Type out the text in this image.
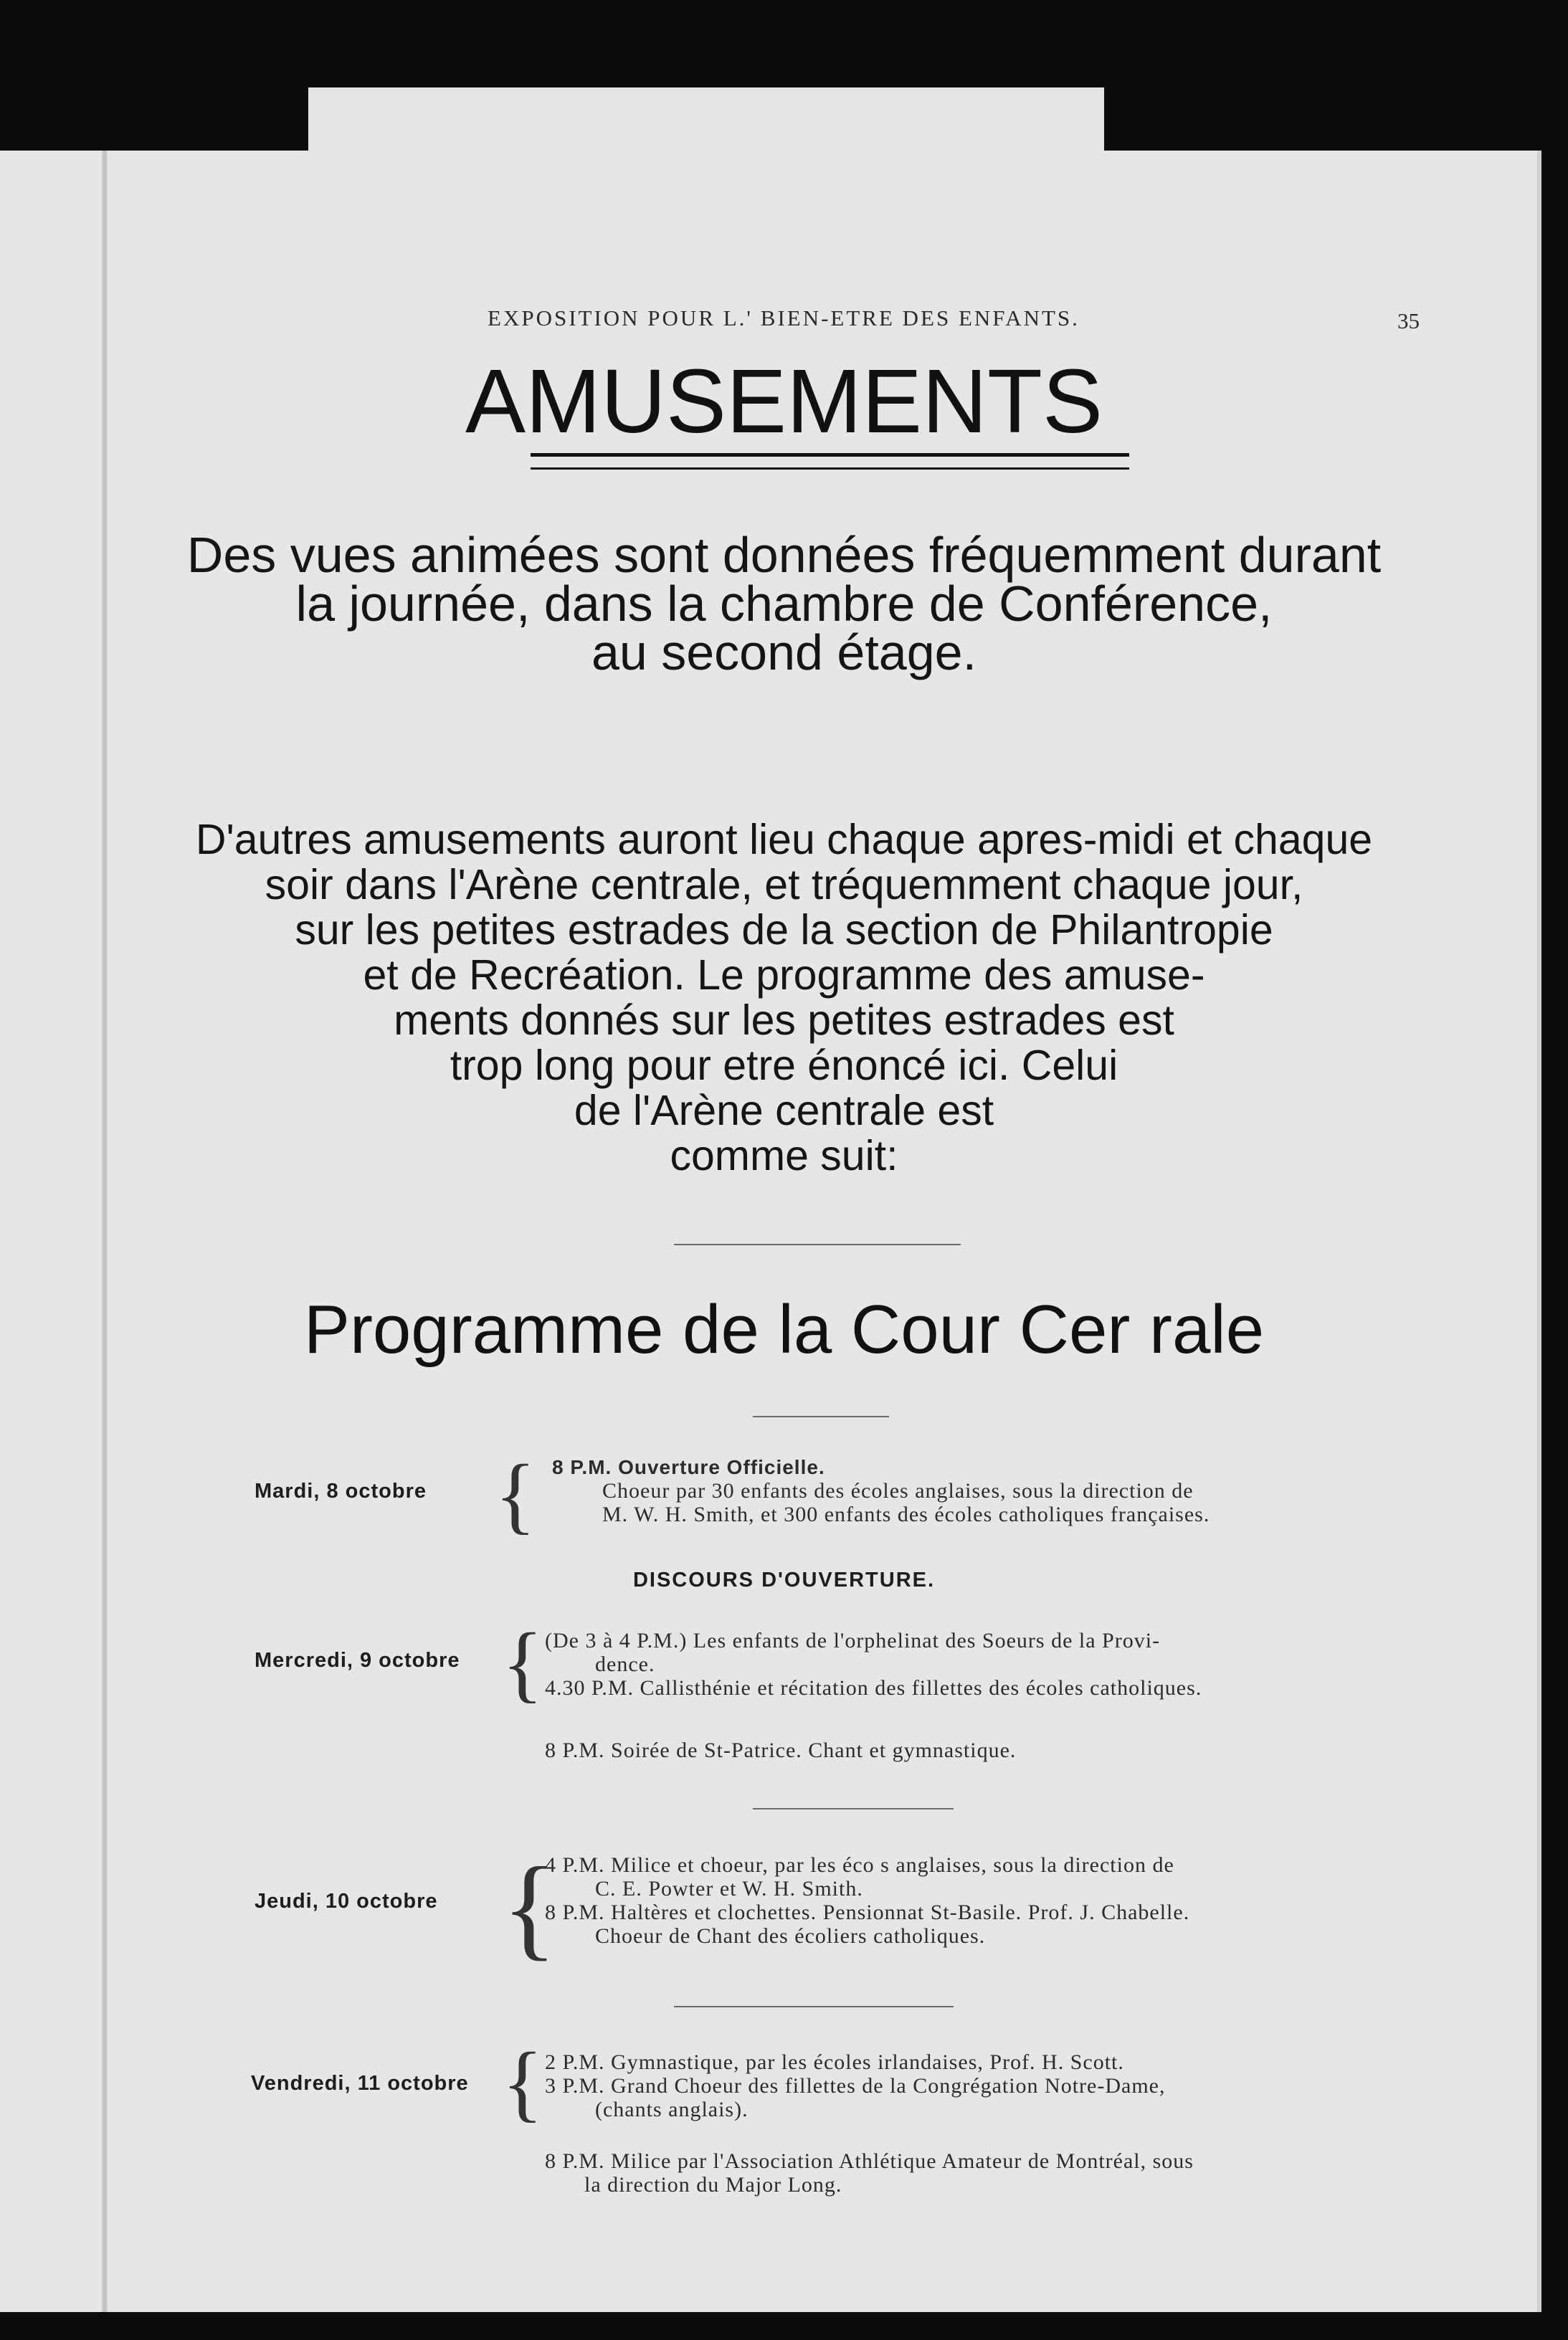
EXPOSITION POUR L.' BIEN-ETRE DES ENFANTS.	35
AMUSEMENTS
Des vues animées sont données fréquemment durant
la journée, dans la chambre de Conférence,
au second étage.
D'autres amusements auront lieu chaque apres-midi et chaque
soir dans l'Arène centrale, et tréquemment chaque jour,
sur les petites estrades de la section de Philantropie
et de Recréation. Le programme des amuse-
ments donnés sur les petites estrades est
trop long pour etre énoncé ici. Celui
de l'Arène centrale est
comme suit:
Programme de la Cour Cer rale
Mardi, 8 octobre { 8 P.M. Ouverture Officielle.

Choeur par 30 enfants des écoles anglaises, sous la direction de

M. W. H. Smith, et 300 enfants des écoles catholiques françaises.

DISCOURS D'OUVERTURE.
Mercredi, 9 octobre { (De 3 à 4 P.M.) Les enfants de l'orphelinat des Soeurs de la Provi-

dence.

4.30 P.M. Callisthénie et récitation des fillettes des écoles catholiques.

8 P.M. Soirée de St-Patrice. Chant et gymnastique.

Jeudi, 10 octobre {

4 P.M. Milice et choeur, par les éco s anglaises, sous la direction de

C. E. Powter et W. H. Smith.

8 P.M. Haltères et clochettes. Pensionnat St-Basile. Prof. J. Chabelle.

Choeur de Chant des écoliers catholiques.

Vendredi, 11 octobre { 2 P.M. Gymnastique, par les écoles irlandaises, Prof. H. Scott.

3 P.M. Grand Choeur des fillettes de la Congrégation Notre-Dame,

(chants anglais).

8 P.M. Milice par l'Association Athlétique Amateur de Montréal, sous

la direction du Major Long.
